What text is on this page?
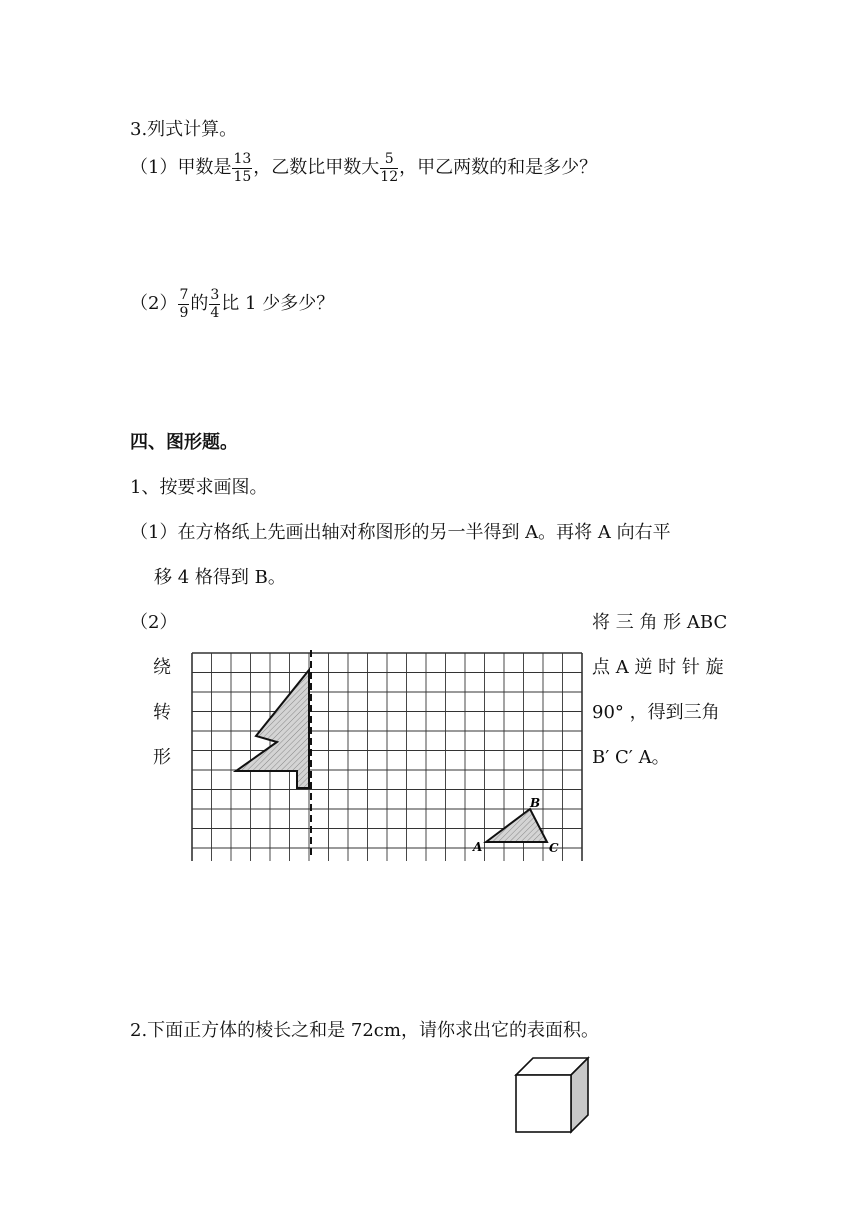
3.列式计算。
（1）甲数是 $\frac{13}{15}$ ，乙数比甲数大 $\frac{5}{12}$ ，甲乙两数的和是多少？
$(2) \frac{7}{9}$ 的 $\frac{3}{4}$ 比 1 少多少？
四、图形题。
1、按要求画图。
（1）在方格纸上先画出轴对称图形的另一半得到 A。再将 A 向右平
移 4 格得到 B。
（2）
绕
转
形
将 三 角 形 ABC
点 A 逆 时 针 旋
90° ，得到三角
B′ C′ A。
A
B
C
2.下面正方体的棱长之和是 72cm，请你求出它的表面积。
